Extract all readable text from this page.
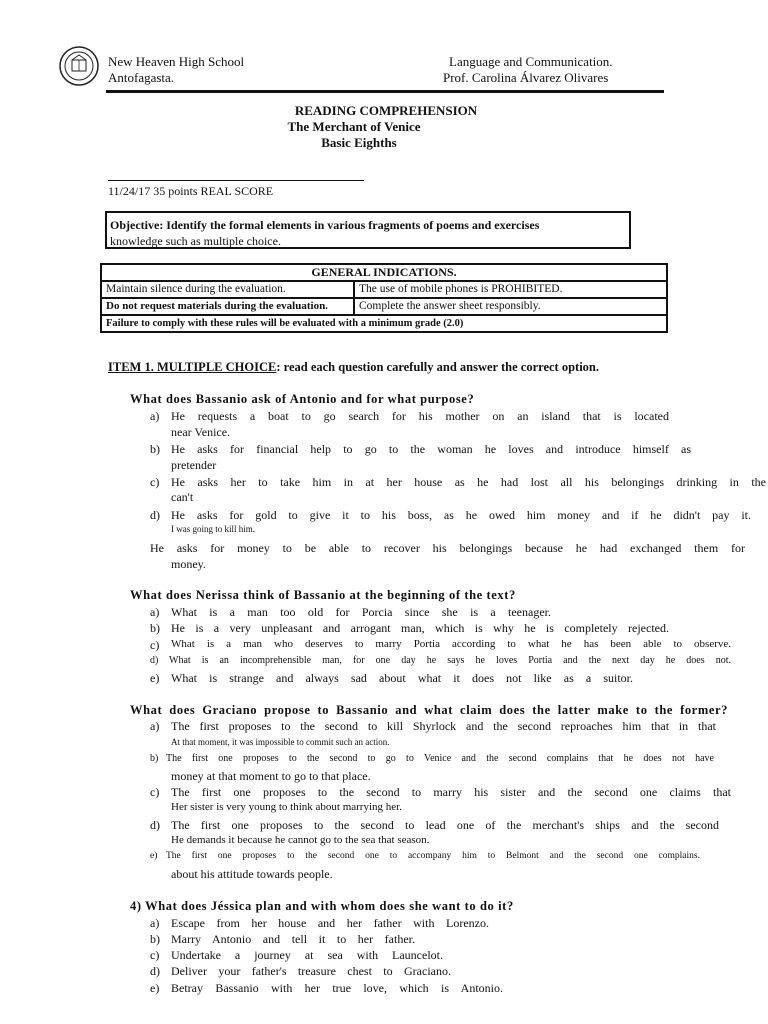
New Heaven High School
Antofagasta.
Language and Communication.
Prof. Carolina Álvarez Olivares
READING COMPREHENSION
The Merchant of Venice
Basic Eighths
11/24/17 35 points REAL SCORE
Objective: Identify the formal elements in various fragments of poems and exercises
knowledge such as multiple choice.
GENERAL INDICATIONS.	
Maintain silence during the evaluation.	The use of mobile phones is PROHIBITED.
Do not request materials during the evaluation.	Complete the answer sheet responsibly.
Failure to comply with these rules will be evaluated with a minimum grade (2.0)	
ITEM 1. MULTIPLE CHOICE: read each question carefully and answer the correct option.
What does Bassanio ask of Antonio and for what purpose?
a) He requests a boat to go search for his mother on an island that is located
near Venice.
b) He asks for financial help to go to the woman he loves and introduce himself as
pretender
c) He asks her to take him in at her house as he had lost all his belongings drinking in the
can't
d) He asks for gold to give it to his boss, as he owed him money and if he didn't pay it.
I was going to kill him.
He asks for money to be able to recover his belongings because he had exchanged them for
money.
What does Nerissa think of Bassanio at the beginning of the text?
a) What is a man too old for Porcia since she is a teenager.
b) He is a very unpleasant and arrogant man, which is why he is completely rejected.
c) What is a man who deserves to marry Portia according to what he has been able to observe.
d) What is an incomprehensible man, for one day he says he loves Portia and the next day he does not.
e) What is strange and always sad about what it does not like as a suitor.
What does Graciano propose to Bassanio and what claim does the latter make to the former?
a) The first proposes to the second to kill Shyrlock and the second reproaches him that in that
At that moment, it was impossible to commit such an action.
b) The first one proposes to the second to go to Venice and the second complains that he does not have
money at that moment to go to that place.
c) The first one proposes to the second to marry his sister and the second one claims that
Her sister is very young to think about marrying her.
d) The first one proposes to the second to lead one of the merchant's ships and the second
He demands it because he cannot go to the sea that season.
e) The first one proposes to the second one to accompany him to Belmont and the second one complains.
about his attitude towards people.
4) What does Jéssica plan and with whom does she want to do it?
a) Escape from her house and her father with Lorenzo.
b) Marry Antonio and tell it to her father.
c) Undertake a journey at sea with Launcelot.
d) Deliver your father's treasure chest to Graciano.
e) Betray Bassanio with her true love, which is Antonio.
